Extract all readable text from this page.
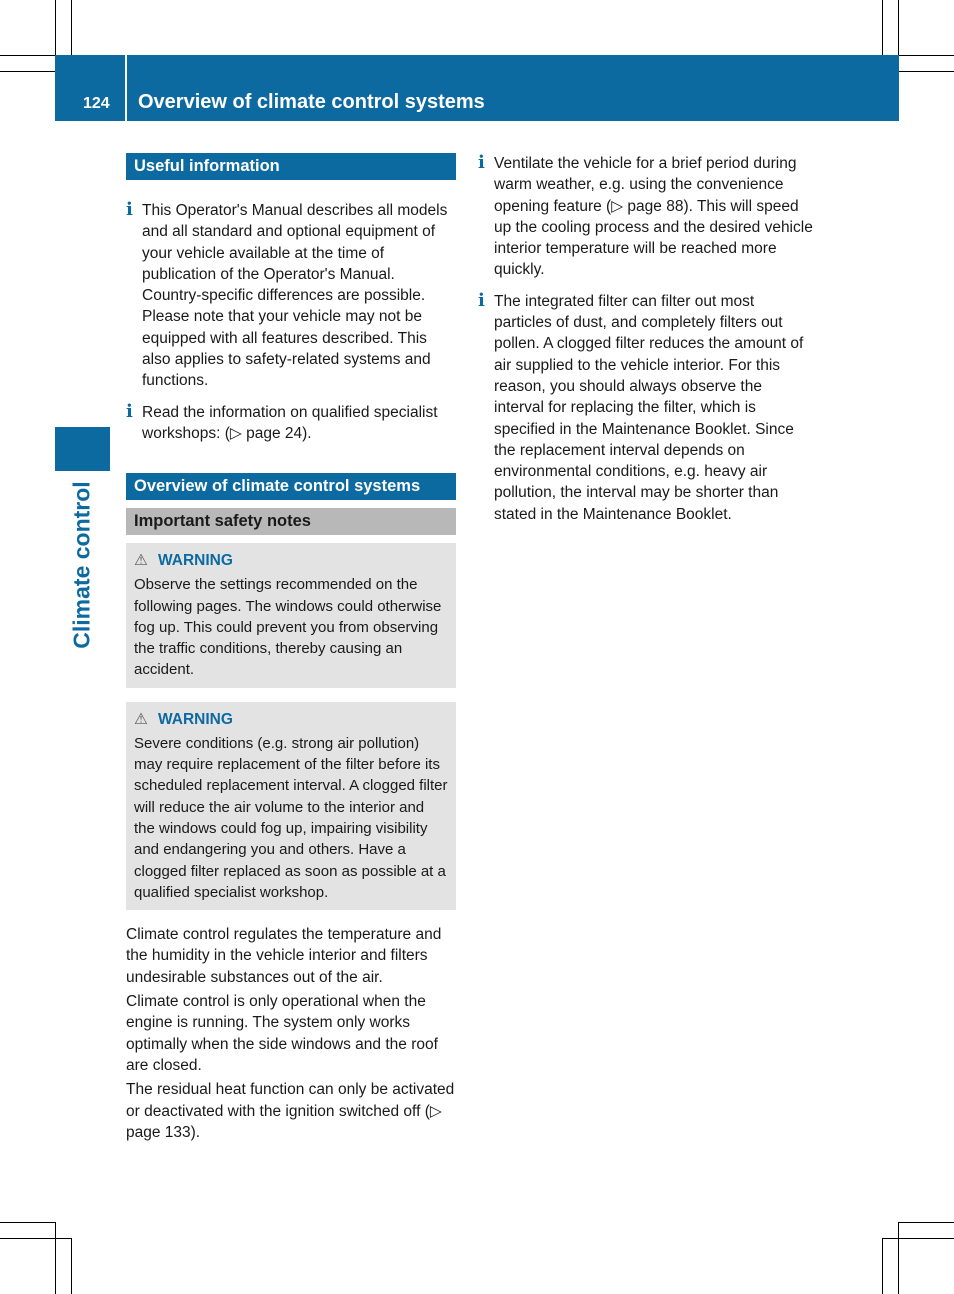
124 Overview of climate control systems
Climate control
Useful information
i This Operator's Manual describes all models and all standard and optional equipment of your vehicle available at the time of publication of the Operator's Manual. Country-specific differences are possible. Please note that your vehicle may not be equipped with all features described. This also applies to safety-related systems and functions.

i Read the information on qualified specialist workshops: (▷ page 24).

Overview of climate control systems
Important safety notes
⚠ WARNING

Observe the settings recommended on the following pages. The windows could otherwise fog up. This could prevent you from observing the traffic conditions, thereby causing an accident.

⚠ WARNING

Severe conditions (e.g. strong air pollution) may require replacement of the filter before its scheduled replacement interval. A clogged filter will reduce the air volume to the interior and the windows could fog up, impairing visibility and endangering you and others. Have a clogged filter replaced as soon as possible at a qualified specialist workshop.

Climate control regulates the temperature and the humidity in the vehicle interior and filters undesirable substances out of the air.

Climate control is only operational when the engine is running. The system only works optimally when the side windows and the roof are closed.

The residual heat function can only be activated or deactivated with the ignition switched off (▷ page 133).

i Ventilate the vehicle for a brief period during warm weather, e.g. using the convenience opening feature (▷ page 88). This will speed up the cooling process and the desired vehicle interior temperature will be reached more quickly.

i The integrated filter can filter out most particles of dust, and completely filters out pollen. A clogged filter reduces the amount of air supplied to the vehicle interior. For this reason, you should always observe the interval for replacing the filter, which is specified in the Maintenance Booklet. Since the replacement interval depends on environmental conditions, e.g. heavy air pollution, the interval may be shorter than stated in the Maintenance Booklet.
